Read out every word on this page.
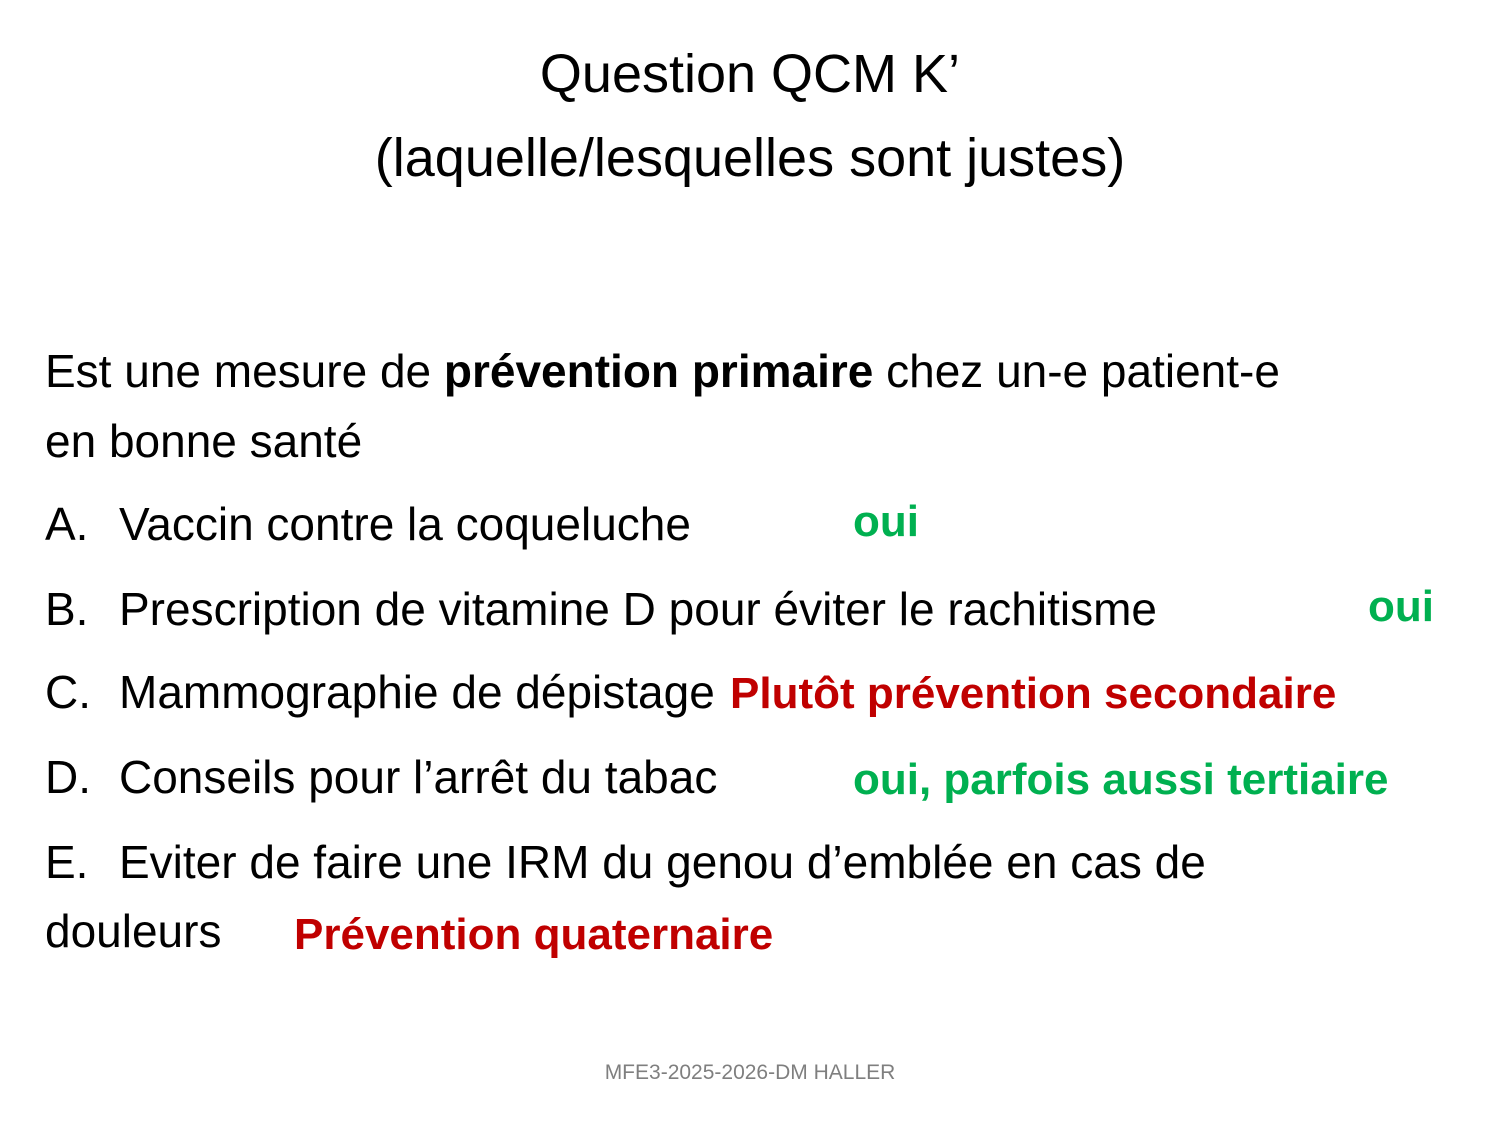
Question QCM K’
(laquelle/lesquelles sont justes)
Est une mesure de prévention primaire chez un-e patient-e
en bonne santé
A. Vaccin contre la coqueluche	oui
B. Prescription de vitamine D pour éviter le rachitisme	oui
C. Mammographie de dépistage Plutôt prévention secondaire
D. Conseils pour l’arrêt du tabac	oui, parfois aussi tertiaire
E. Eviter de faire une IRM du genou d’emblée en cas de
douleurs Prévention quaternaire
MFE3-2025-2026-DM HALLER
